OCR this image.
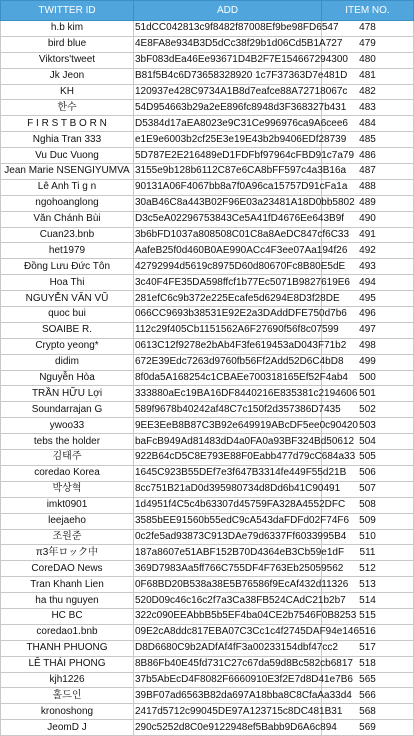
TWITTER ID	ADD	ITEM NO.
h.b kim	51dCC042813c9f8482f87008Ef9be98FD6547	478
bird blue	4E8FA8e934B3D5dCc38f29b1d06Cd5B1A727	479
Viktors'tweet	3bF083dEa46Ee93671D4B2F7E154667294300	480
Jk Jeon	B81f5B4c6D73658328920 1c7F37363D7e481D	481
KH	120937e428C9734A1B8d7eafce88A72718067c	482
한수	54D954663b29a2eE896fc8948d3F368327b431	483
F I R S T B O R N	D5384d17aEA8023e9C31Ce996976ca9A6cee6	484
Nghia Tran 333	e1E9e6003b2cf25E3e19E43b2b9406EDf28739	485
Vu Duc Vuong	5D787E2E216489eD1FDFbf97964cFBD91c7a79	486
Jean Marie NSENGIYUMVA	3155e9b128b6112C87e6CA8bFF597c4a3B16a	487
Lê Anh Ti g n	90131A06F4067bb8a7f0A96ca15757D91cFa1a	488
ngohoanglong	30aB46C8a443B02F96E03a23481A18D0bb5802	489
Văn Chánh Bùi	D3c5eA02296753843Ce5A41fD4676Ee643B9f	490
Cuan23.bnb	3b6bFD1037a808508C01C8a8AeDC847cf6C33	491
het1979	AafeB25f0d460B0AE990ACc4F3ee07Aa194f26	492
Đồng Lưu Đức Tôn	42792994d5619c8975D60d80670Fc8B80E5dE	493
Hoa Thi	3c40F4FE35DA598ffcf1b77Ec5071B9827619E6	494
NGUYỄN VĂN VŨ	281efC6c9b372e225Ecafe5d6294E8D3f28DE	495
quoc bui	066CC9693b38531E92E2a3DAddDFE750d7b6	496
SOAIBE R.	112c29f405Cb1151562A6F27690f56f8c07599	497
Crypto yeong*	0613C12f9278e2bAb4F3fe619453aD043F71b2	498
didim	672E39Edc7263d9760fb56Ff2Add52D6C4bD8	499
Nguyễn Hòa	8f0da5A168254c1CBAEe700318165Ef52F4ab4	500
TRẦN HỮU Lợi	333880aEc19BA16DF8440216E835381c2194606	501
Soundarrajan G	589f9678b40242af48C7c150f2d357386D7435	502
ywoo33	9EE3EeB8B87C3B92e649919ABcDF5ee0c90420	503
tebs the holder	baFcB949Ad81483dD4a0FA0a93BF324Bd50612	504
김태주	922B64cD5C8E793E88F0Eabb477d79cC684a33	505
coredao Korea	1645C923B55DEf7e3f647B3314fe449F55d21B	506
박상혁	8cc751B21aD0d395980734d8Dd6b41C90491	507
imkt0901	1d4951f4C5c4b63307d45759FA328A4552DFC	508
leejaeho	3585bEE91560b55edC9cA543daFDFd02F74F6	509
조원준	0c2fe5ad93873C913DAe79d6337Ff6033995B4	510
π3年ロック中	187a8607e51ABF152B70D4364eB3Cb59e1dF	511
CoreDAO News	369D7983Aa5ff766C755DF4F763Eb25059562	512
Tran Khanh Lien	0F68BD20B538a38E5B76586f9EcAf432d11326	513
ha thu nguyen	520D09c46c16c2f7a3Ca38FB524CAdC21b2b7	514
HC BC	322c090EEAbbB5b5EF4ba04CE2b7546F0B8253	515
coredao1.bnb	09E2cA8ddc817EBA07C3Cc1c4f2745DAF94e146	516
THANH PHUONG	D8D6680C9b2ADfAf4fF3a00233154dbf47cc2	517
LÊ THÁI PHONG	8B86Fb40E45fd731C27c67da59d8Bc582cb6817	518
kjh1226	37b5AbEcD4F8082F6660910E3f2E7d8D41e7B6	565
홀드인	39BF07ad6563B82da697A18bba8C8CfaAa33d4	566
kronoshong	2417d5712c99045DE97A123715c8DC481B31	568
JeomD J	290c5252d8C0e9122948ef5Babb9D6A6c894	569
